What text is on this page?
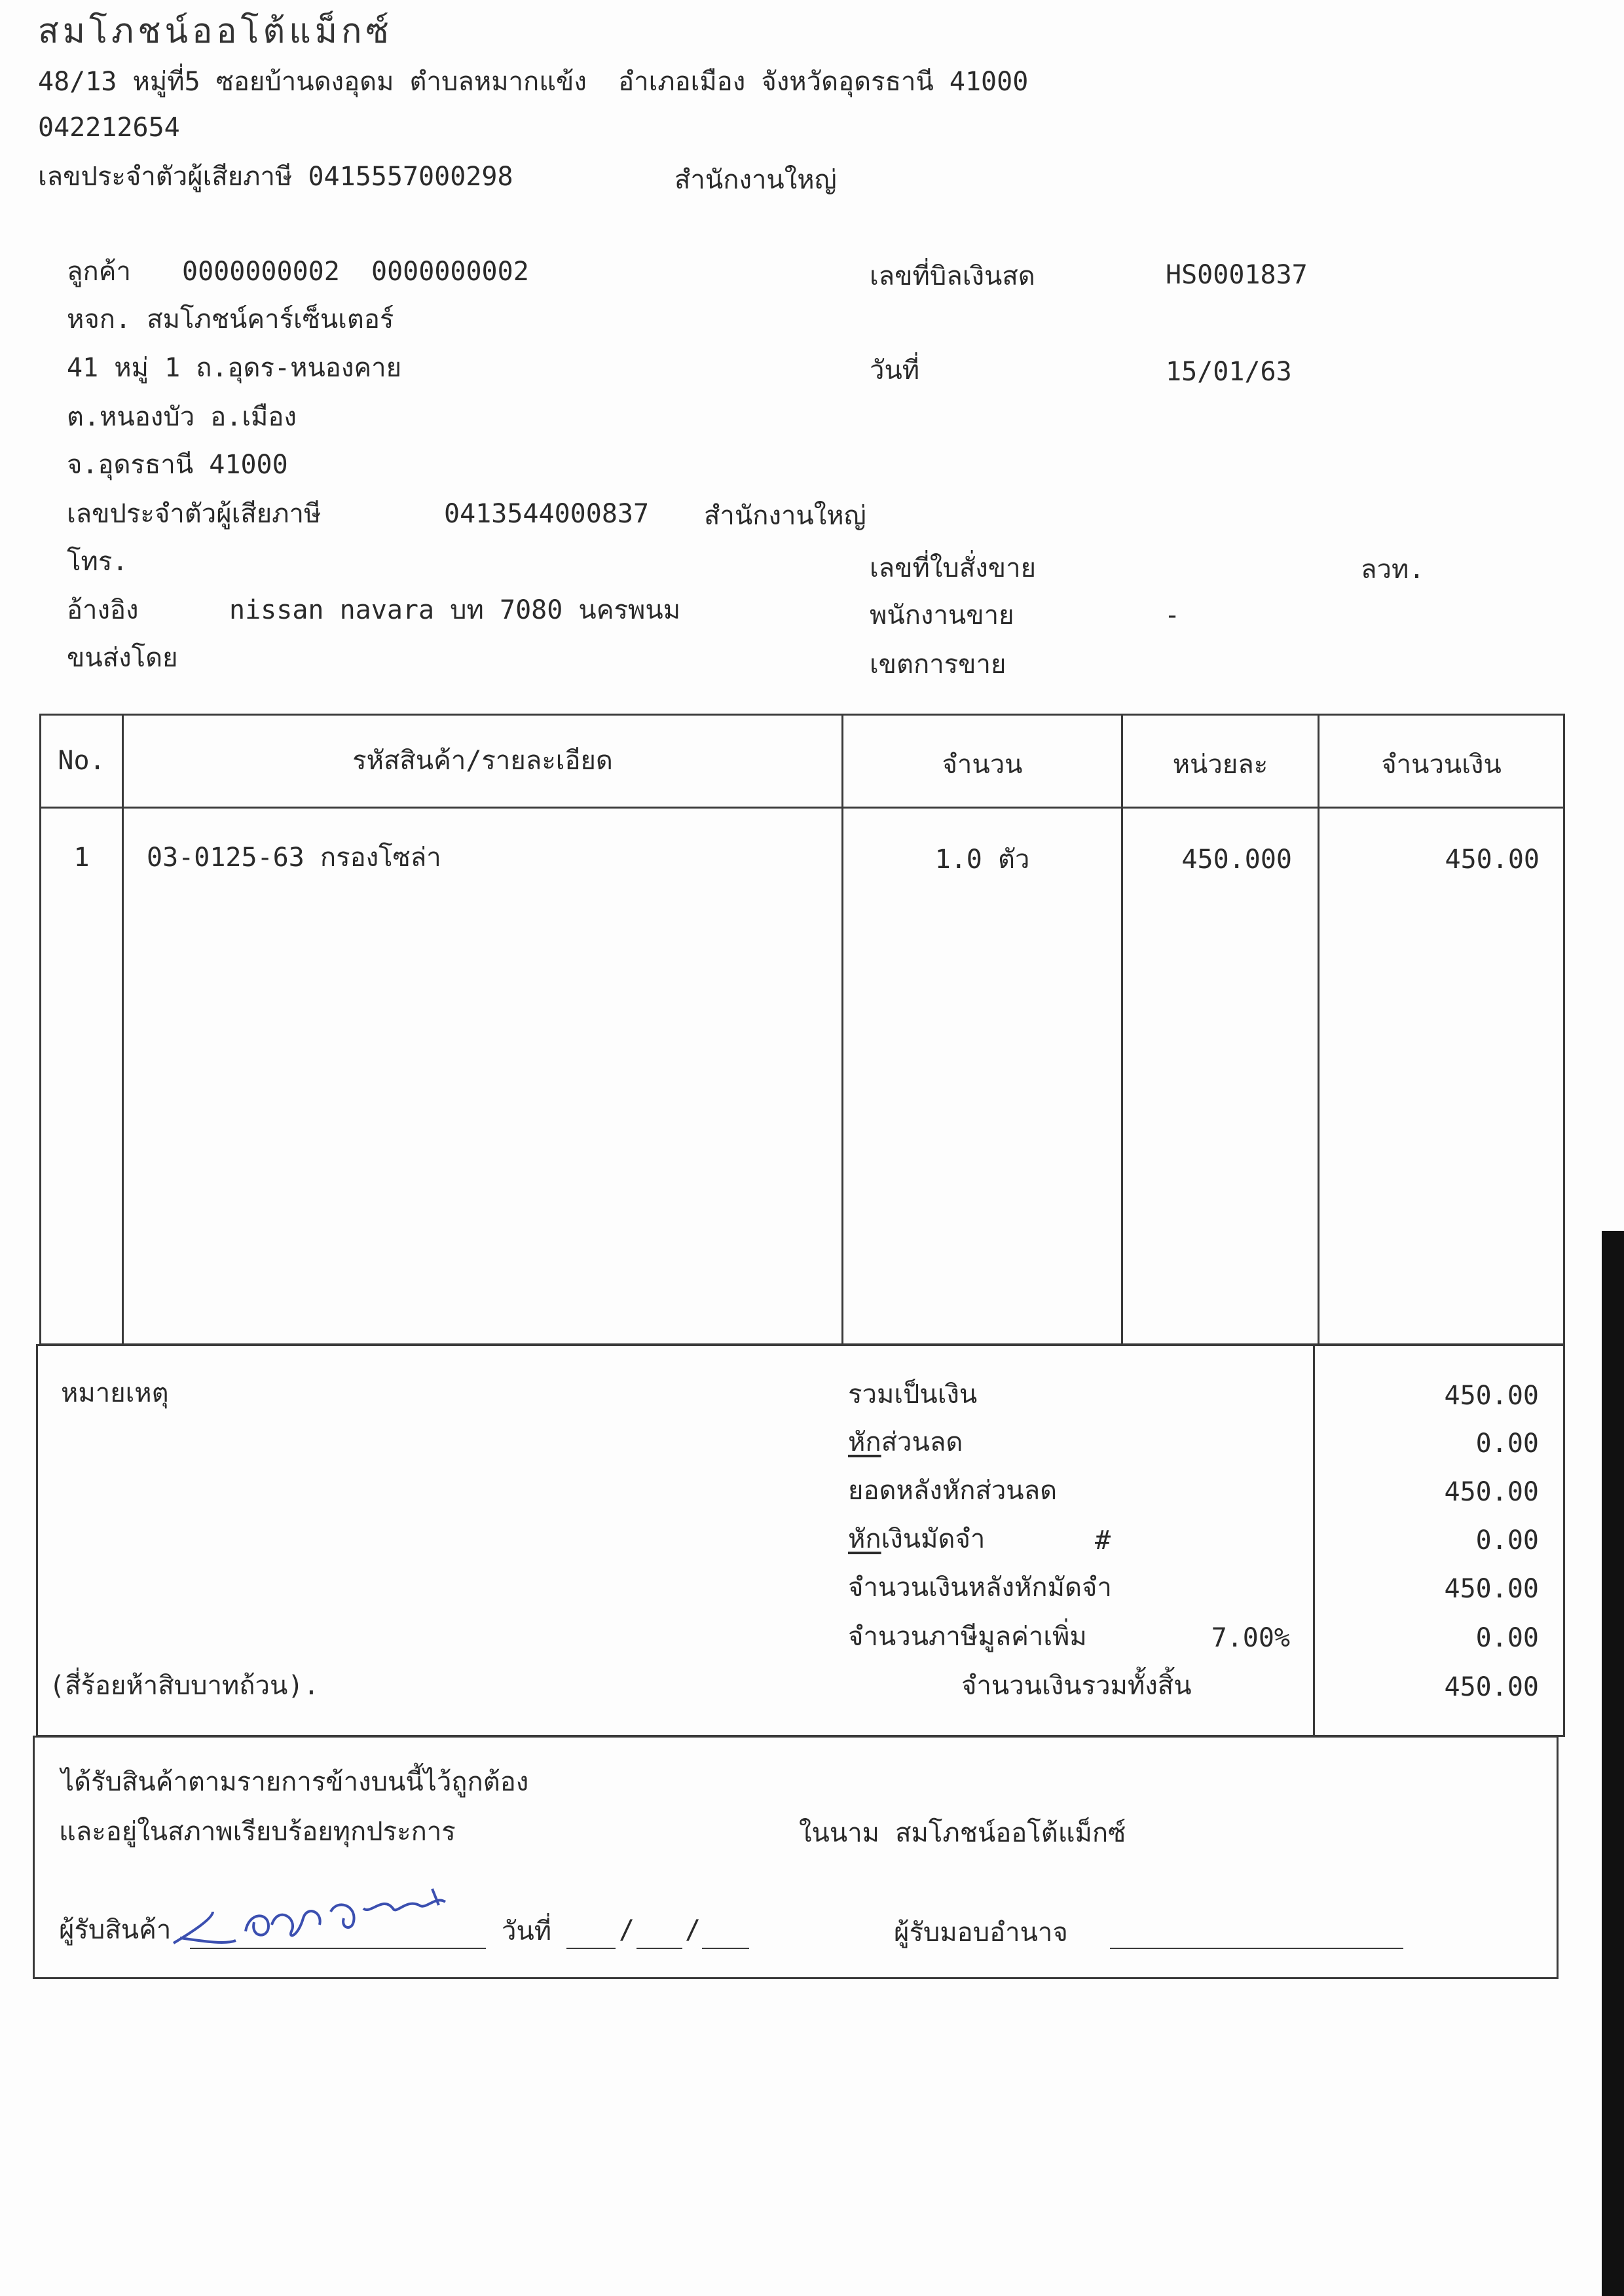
สมโภชน์ออโต้แม็กซ์
48/13 หมู่ที่5 ซอยบ้านดงอุดม ตำบลหมากแข้ง  อำเภอเมือง จังหวัดอุดรธานี 41000
042212654
เลขประจำตัวผู้เสียภาษี 0415557000298	สำนักงานใหญ่
ลูกค้า 0000000002  0000000002
หจก. สมโภชน์คาร์เซ็นเตอร์
41 หมู่ 1 ถ.อุดร-หนองคาย
ต.หนองบัว อ.เมือง
จ.อุดรธานี 41000
เลขประจำตัวผู้เสียภาษี	0413544000837 สำนักงานใหญ่
โทร.
อ้างอิง	nissan navara บท 7080 นครพนม
ขนส่งโดย
เลขที่บิลเงินสด	HS0001837
วันที่	15/01/63
เลขที่ใบสั่งขาย	ลวท.
พนักงานขาย	-
เขตการขาย
No.	รหัสสินค้า/รายละเอียด	จำนวน	หน่วยละ	จำนวนเงิน
1	03-0125-63 กรองโซล่า	1.0 ตัว	450.000	450.00
หมายเหตุ
(สี่ร้อยห้าสิบบาทถ้วน).
รวมเป็นเงิน	450.00
หักส่วนลด	0.00
ยอดหลังหักส่วนลด	450.00
หักเงินมัดจำ	#	0.00
จำนวนเงินหลังหักมัดจำ	450.00
จำนวนภาษีมูลค่าเพิ่ม	7.00%	0.00
จำนวนเงินรวมทั้งสิ้น	450.00
ได้รับสินค้าตามรายการข้างบนนี้ไว้ถูกต้อง
และอยู่ในสภาพเรียบร้อยทุกประการ	ในนาม สมโภชน์ออโต้แม็กซ์
ผู้รับสินค้า	วันที่	/ /	ผู้รับมอบอำนาจ
